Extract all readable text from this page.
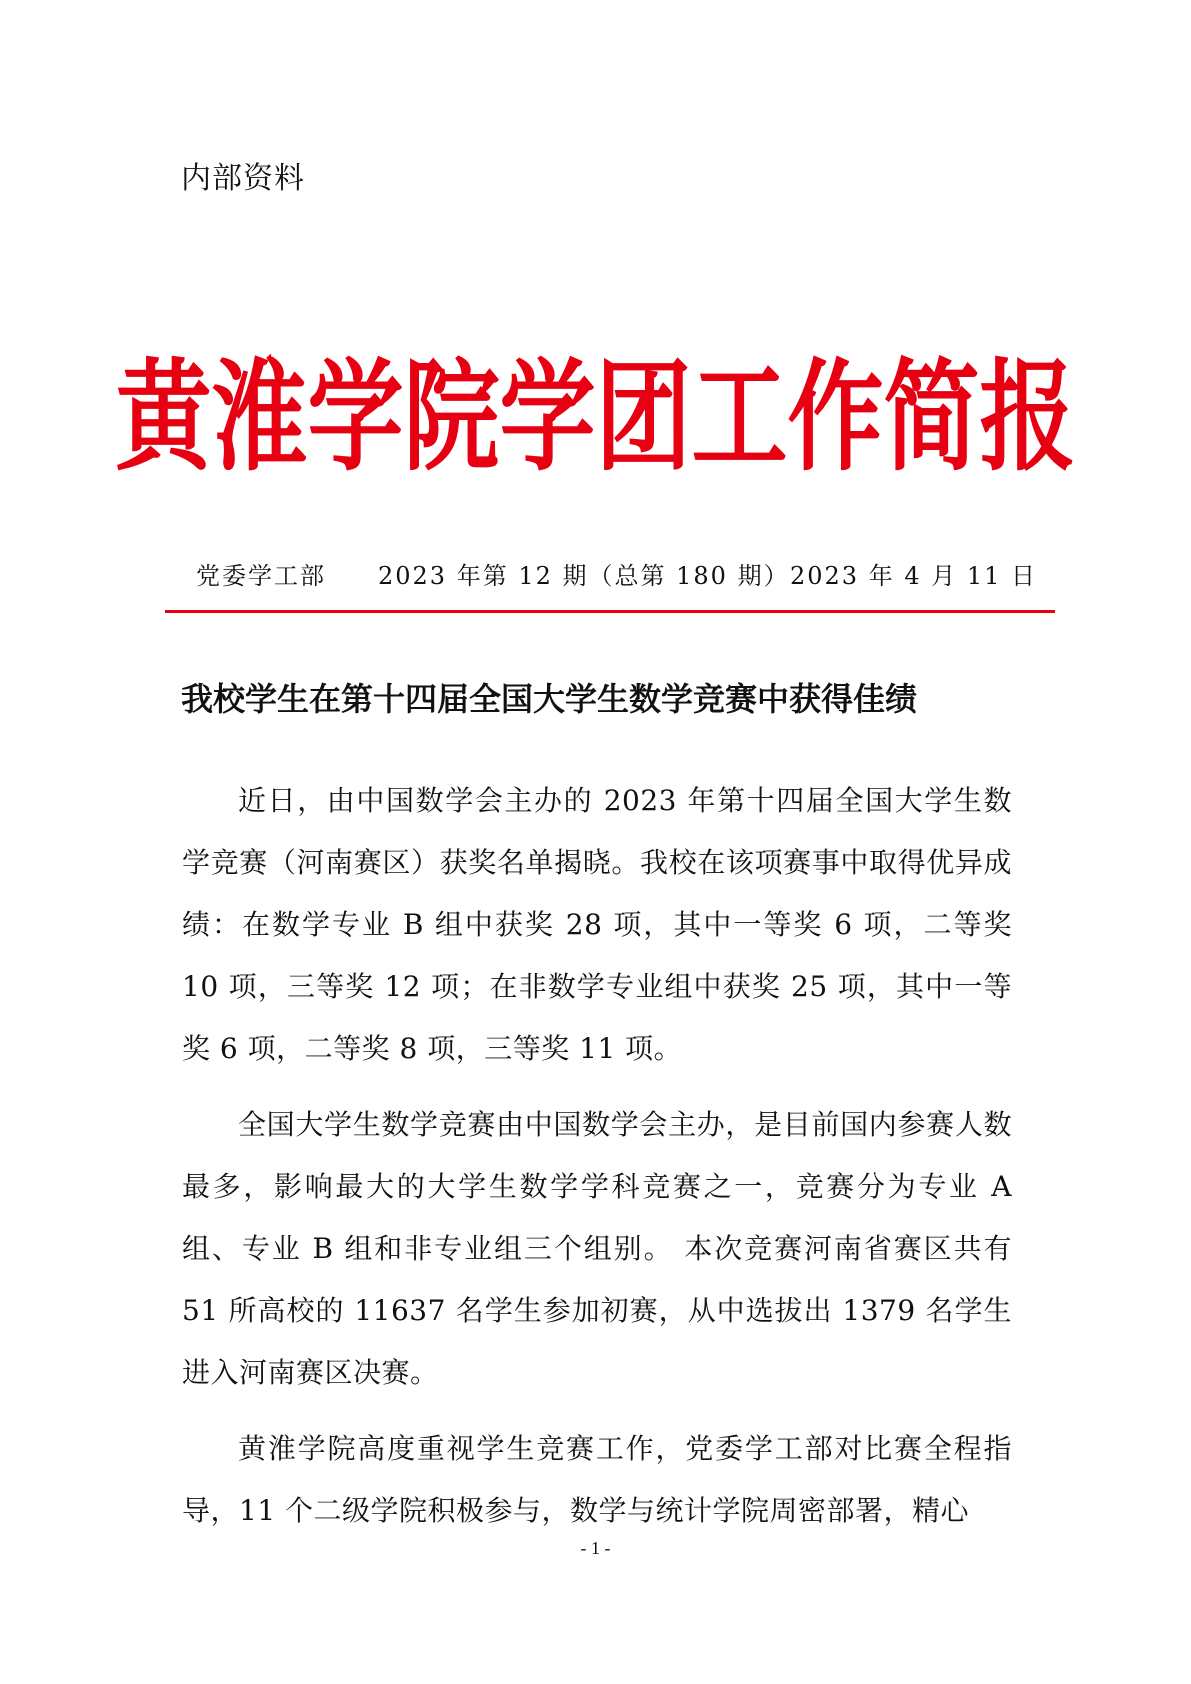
内部资料
黄淮学院学团工作简报
党委学工部 2023 年第 12 期（总第 180 期） 2023 年 4 月 11 日
我校学生在第十四届全国大学生数学竞赛中获得佳绩

近日，由中国数学会主办的 2023 年第十四届全国大学生数学竞赛（河南赛区）获奖名单揭晓。我校在该项赛事中取得优异成绩：在数学专业 B 组中获奖 28 项，其中一等奖 6 项，二等奖 10 项，三等奖 12 项；在非数学专业组中获奖 25 项，其中一等奖 6 项，二等奖 8 项，三等奖 11 项。

全国大学生数学竞赛由中国数学会主办，是目前国内参赛人数最多，影响最大的大学生数学学科竞赛之一，竞赛分为专业 A 组、专业 B 组和非专业组三个组别。 本次竞赛河南省赛区共有 51 所高校的 11637 名学生参加初赛，从中选拔出 1379 名学生进入河南赛区决赛。

黄淮学院高度重视学生竞赛工作，党委学工部对比赛全程指导，11 个二级学院积极参与，数学与统计学院周密部署，精心

- 1 -
